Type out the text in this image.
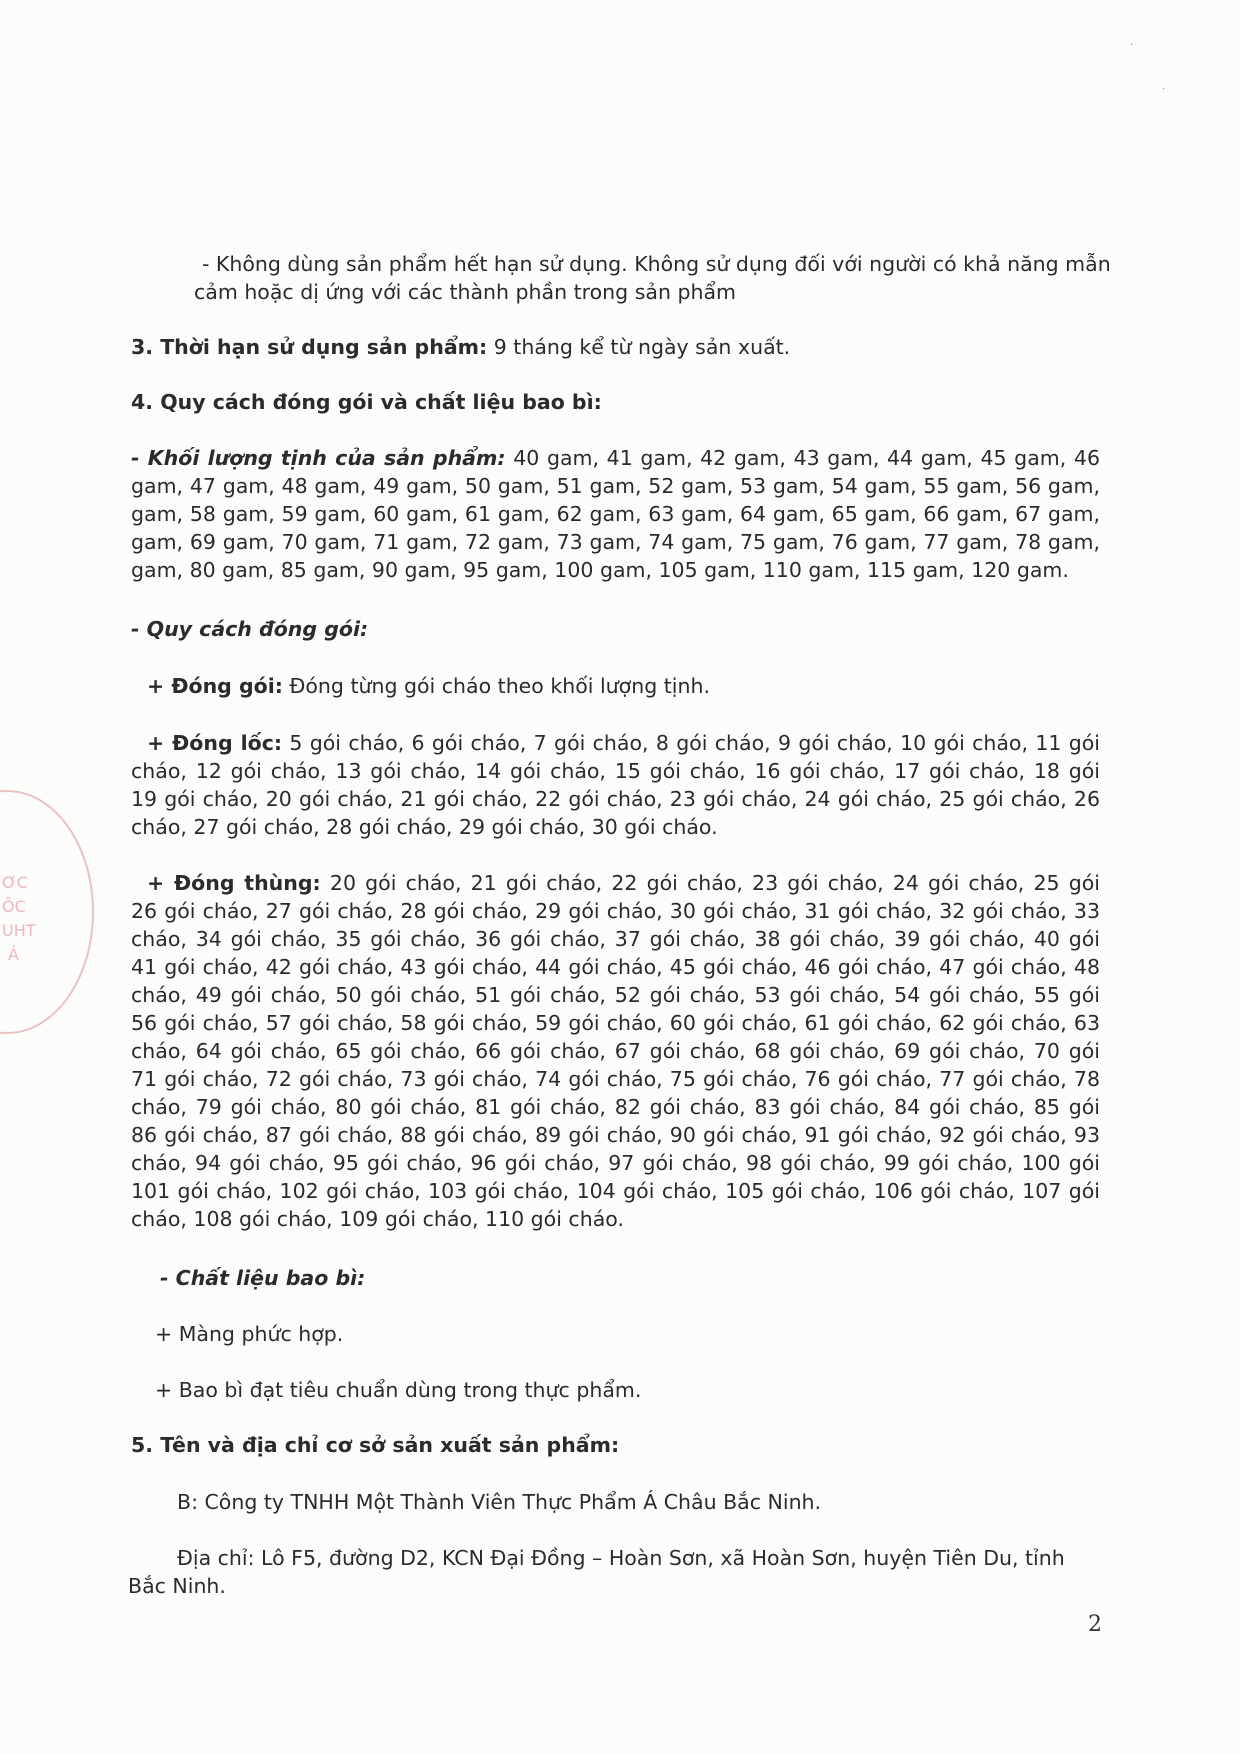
ƠC
ÔC
UHT
Á
·
·
- Không dùng sản phẩm hết hạn sử dụng. Không sử dụng đối với người có khả năng mẫn
cảm hoặc dị ứng với các thành phần trong sản phẩm
3. Thời hạn sử dụng sản phẩm: 9 tháng kể từ ngày sản xuất.
4. Quy cách đóng gói và chất liệu bao bì:
- Khối lượng tịnh của sản phẩm: 40 gam, 41 gam, 42 gam, 43 gam, 44 gam, 45 gam, 46
gam, 47 gam, 48 gam, 49 gam, 50 gam, 51 gam, 52 gam, 53 gam, 54 gam, 55 gam, 56 gam,
gam, 58 gam, 59 gam, 60 gam, 61 gam, 62 gam, 63 gam, 64 gam, 65 gam, 66 gam, 67 gam,
gam, 69 gam, 70 gam, 71 gam, 72 gam, 73 gam, 74 gam, 75 gam, 76 gam, 77 gam, 78 gam,
gam, 80 gam, 85 gam, 90 gam, 95 gam, 100 gam, 105 gam, 110 gam, 115 gam, 120 gam.
- Quy cách đóng gói:
+ Đóng gói: Đóng từng gói cháo theo khối lượng tịnh.
+ Đóng lốc: 5 gói cháo, 6 gói cháo, 7 gói cháo, 8 gói cháo, 9 gói cháo, 10 gói cháo, 11 gói
cháo, 12 gói cháo, 13 gói cháo, 14 gói cháo, 15 gói cháo, 16 gói cháo, 17 gói cháo, 18 gói
19 gói cháo, 20 gói cháo, 21 gói cháo, 22 gói cháo, 23 gói cháo, 24 gói cháo, 25 gói cháo, 26
cháo, 27 gói cháo, 28 gói cháo, 29 gói cháo, 30 gói cháo.
+ Đóng thùng: 20 gói cháo, 21 gói cháo, 22 gói cháo, 23 gói cháo, 24 gói cháo, 25 gói
26 gói cháo, 27 gói cháo, 28 gói cháo, 29 gói cháo, 30 gói cháo, 31 gói cháo, 32 gói cháo, 33
cháo, 34 gói cháo, 35 gói cháo, 36 gói cháo, 37 gói cháo, 38 gói cháo, 39 gói cháo, 40 gói
41 gói cháo, 42 gói cháo, 43 gói cháo, 44 gói cháo, 45 gói cháo, 46 gói cháo, 47 gói cháo, 48
cháo, 49 gói cháo, 50 gói cháo, 51 gói cháo, 52 gói cháo, 53 gói cháo, 54 gói cháo, 55 gói
56 gói cháo, 57 gói cháo, 58 gói cháo, 59 gói cháo, 60 gói cháo, 61 gói cháo, 62 gói cháo, 63
cháo, 64 gói cháo, 65 gói cháo, 66 gói cháo, 67 gói cháo, 68 gói cháo, 69 gói cháo, 70 gói
71 gói cháo, 72 gói cháo, 73 gói cháo, 74 gói cháo, 75 gói cháo, 76 gói cháo, 77 gói cháo, 78
cháo, 79 gói cháo, 80 gói cháo, 81 gói cháo, 82 gói cháo, 83 gói cháo, 84 gói cháo, 85 gói
86 gói cháo, 87 gói cháo, 88 gói cháo, 89 gói cháo, 90 gói cháo, 91 gói cháo, 92 gói cháo, 93
cháo, 94 gói cháo, 95 gói cháo, 96 gói cháo, 97 gói cháo, 98 gói cháo, 99 gói cháo, 100 gói
101 gói cháo, 102 gói cháo, 103 gói cháo, 104 gói cháo, 105 gói cháo, 106 gói cháo, 107 gói
cháo, 108 gói cháo, 109 gói cháo, 110 gói cháo.
- Chất liệu bao bì:
+ Màng phức hợp.
+ Bao bì đạt tiêu chuẩn dùng trong thực phẩm.
5. Tên và địa chỉ cơ sở sản xuất sản phẩm:
B: Công ty TNHH Một Thành Viên Thực Phẩm Á Châu Bắc Ninh.
Địa chỉ: Lô F5, đường D2, KCN Đại Đồng – Hoàn Sơn, xã Hoàn Sơn, huyện Tiên Du, tỉnh
Bắc Ninh.
2
